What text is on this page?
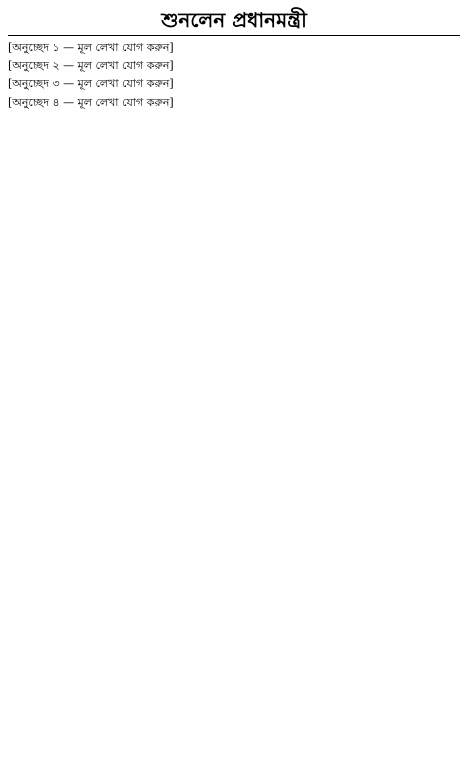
শুনলেন প্রধানমন্ত্রী

[অনুচ্ছেদ ১ — মূল লেখা যোগ করুন]

[অনুচ্ছেদ ২ — মূল লেখা যোগ করুন]

[অনুচ্ছেদ ৩ — মূল লেখা যোগ করুন]

[অনুচ্ছেদ ৪ — মূল লেখা যোগ করুন]
